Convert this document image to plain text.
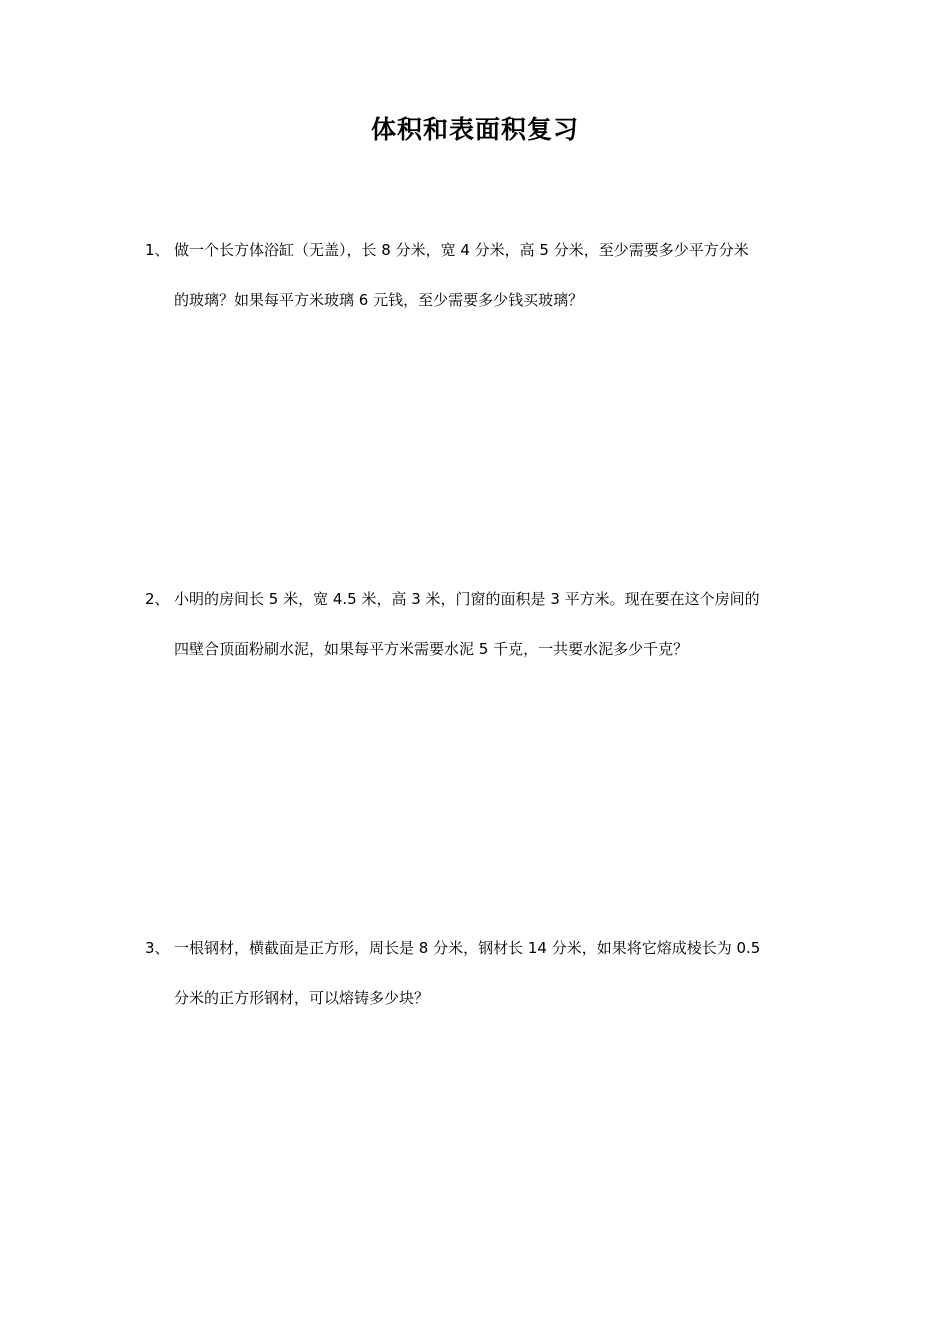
体积和表面积复习
1、 做一个长方体浴缸（无盖），长 8 分米，宽 4 分米，高 5 分米，至少需要多少平方分米
的玻璃？如果每平方米玻璃 6 元钱，至少需要多少钱买玻璃？
2、 小明的房间长 5 米，宽 4.5 米，高 3 米，门窗的面积是 3 平方米。现在要在这个房间的
四壁合顶面粉刷水泥，如果每平方米需要水泥 5 千克，一共要水泥多少千克？
3、 一根钢材，横截面是正方形，周长是 8 分米，钢材长 14 分米，如果将它熔成棱长为 0.5
分米的正方形钢材，可以熔铸多少块？
